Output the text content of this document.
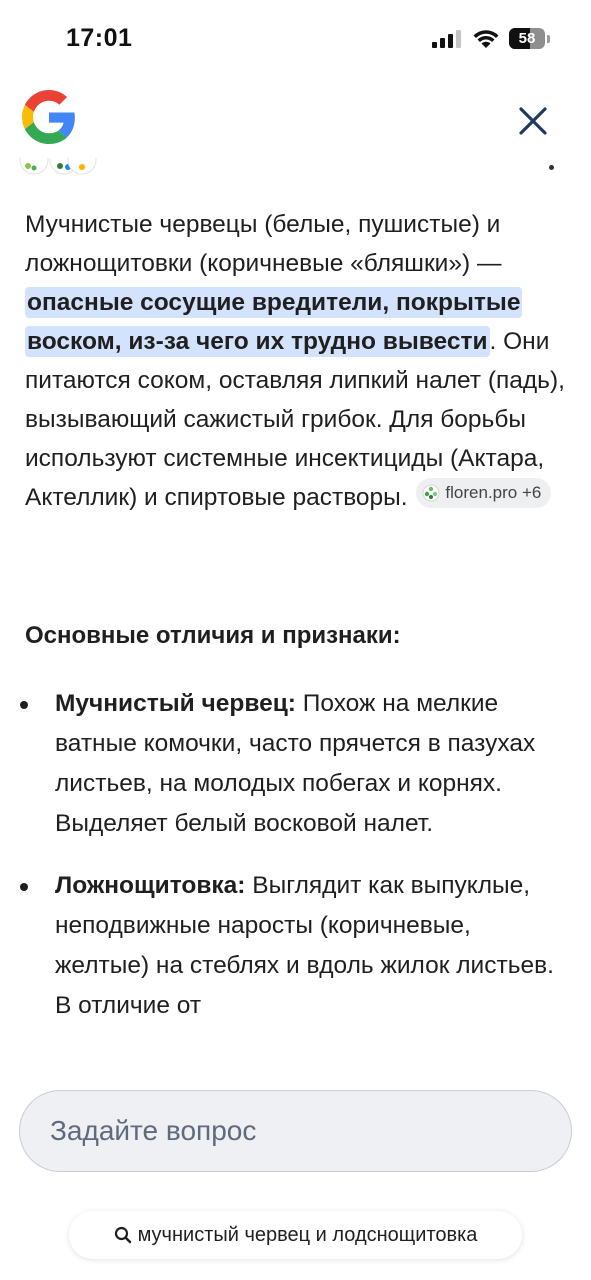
17:01	58

Мучнистые червецы (белые, пушистые) и ложнощитовки (коричневые «бляшки») — опасные сосущие вредители, покрытые воском, из-за чего их трудно вывести. Они питаются соком, оставляя липкий налет (падь), вызывающий сажистый грибок. Для борьбы используют системные инсектициды (Актара, Актеллик) и спиртовые растворы. floren.pro +6

Основные отличия и признаки:
Мучнистый червец: Похож на мелкие ватные комочки, часто прячется в пазухах листьев, на молодых побегах и корнях. Выделяет белый восковой налет.
Ложнощитовка: Выглядит как выпуклые, неподвижные наросты (коричневые, желтые) на стеблях и вдоль жилок листьев. В отличие от
Задайте вопрос
мучнистый червец и лодснощитовка
